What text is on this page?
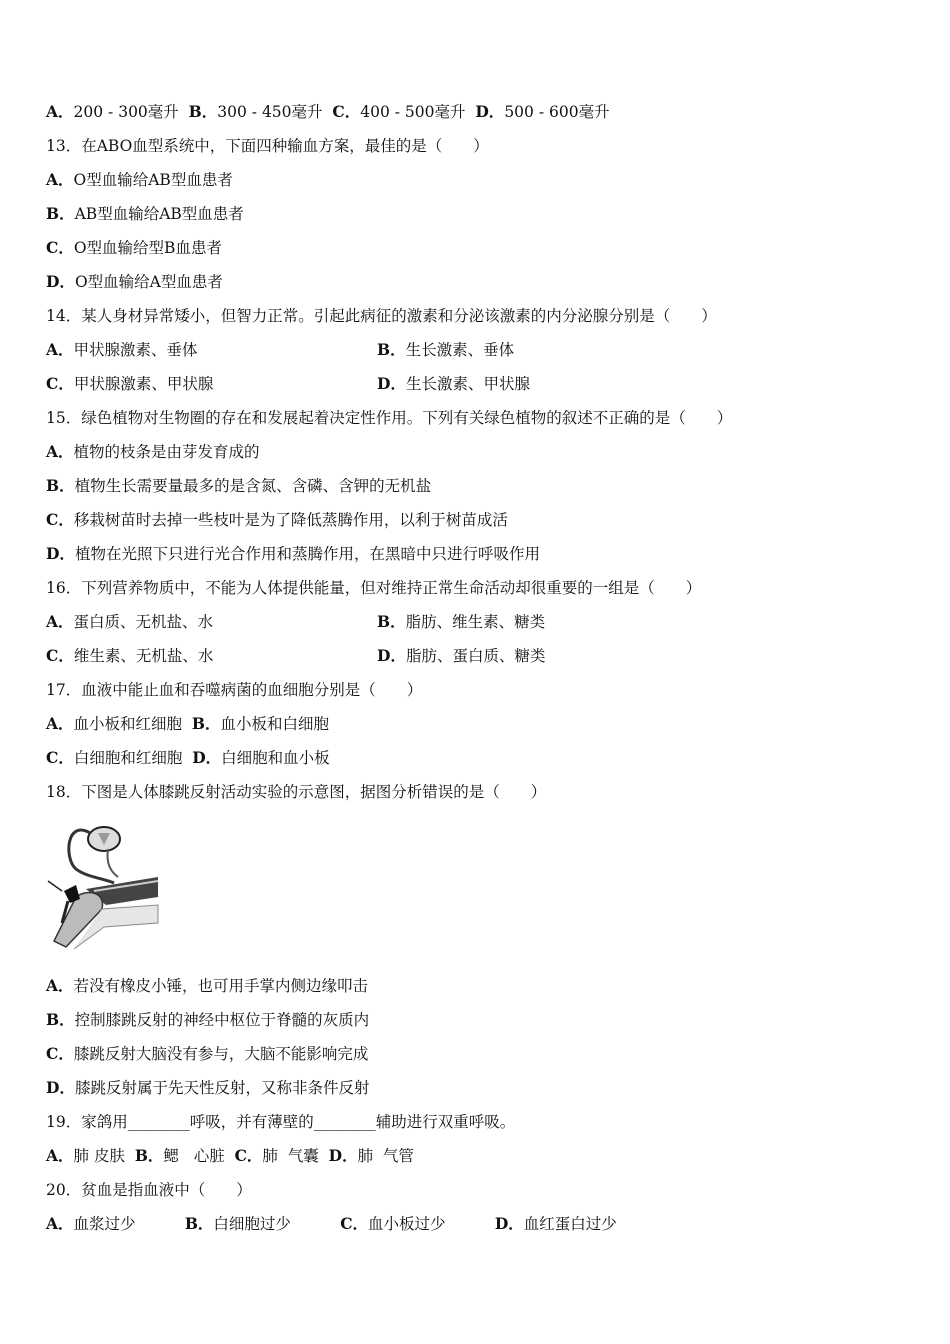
A．200 - 300毫升  B．300 - 450毫升  C．400 - 500毫升  D．500 - 600毫升
13．在ABO血型系统中，下面四种输血方案，最佳的是（　　）
A．O型血输给AB型血患者
B．AB型血输给AB型血患者
C．O型血输给型B血患者
D．O型血输给A型血患者
14．某人身材异常矮小，但智力正常。引起此病征的激素和分泌该激素的内分泌腺分别是（　　）
A．甲状腺激素、垂体	B．生长激素、垂体
C．甲状腺激素、甲状腺	D．生长激素、甲状腺
15．绿色植物对生物圈的存在和发展起着决定性作用。下列有关绿色植物的叙述不正确的是（　　）
A．植物的枝条是由芽发育成的
B．植物生长需要量最多的是含氮、含磷、含钾的无机盐
C．移栽树苗时去掉一些枝叶是为了降低蒸腾作用，以利于树苗成活
D．植物在光照下只进行光合作用和蒸腾作用，在黑暗中只进行呼吸作用
16．下列营养物质中，不能为人体提供能量，但对维持正常生命活动却很重要的一组是（　　）
A．蛋白质、无机盐、水	B．脂肪、维生素、糖类
C．维生素、无机盐、水	D．脂肪、蛋白质、糖类
17．血液中能止血和吞噬病菌的血细胞分别是（　　）
A．血小板和红细胞  B．血小板和白细胞
C．白细胞和红细胞  D．白细胞和血小板
18．下图是人体膝跳反射活动实验的示意图，据图分析错误的是（　　）
A．若没有橡皮小锤，也可用手掌内侧边缘叩击
B．控制膝跳反射的神经中枢位于脊髓的灰质内
C．膝跳反射大脑没有参与，大脑不能影响完成
D．膝跳反射属于先天性反射，又称非条件反射
19．家鸽用________呼吸，并有薄壁的________辅助进行双重呼吸。
A．肺 皮肤  B．鳃   心脏  C．肺  气囊  D．肺  气管
20．贫血是指血液中（　　）
A．血浆过少          B．白细胞过少          C．血小板过少          D．血红蛋白过少
